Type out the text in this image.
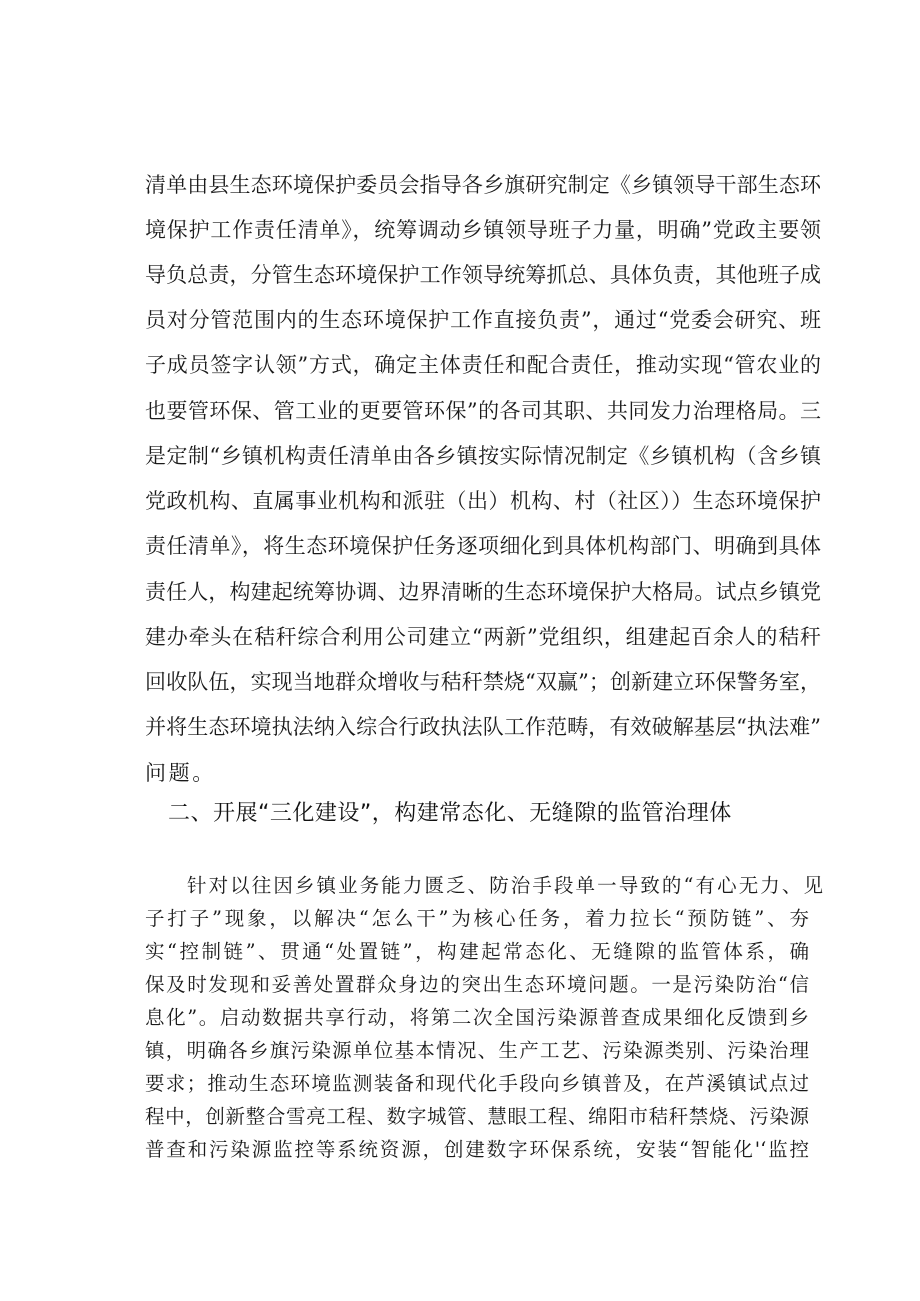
清单由县生态环境保护委员会指导各乡旗研究制定《乡镇领导干部生态环
境保护工作责任清单》，统筹调动乡镇领导班子力量，明确”党政主要领
导负总责，分管生态环境保护工作领导统筹抓总、具体负责，其他班子成
员对分管范围内的生态环境保护工作直接负责”，通过“党委会研究、班
子成员签字认领”方式，确定主体责任和配合责任，推动实现“管农业的
也要管环保、管工业的更要管环保”的各司其职、共同发力治理格局。三
是定制“乡镇机构责任清单由各乡镇按实际情况制定《乡镇机构（含乡镇
党政机构、直属事业机构和派驻（出）机构、村（社区））生态环境保护
责任清单》，将生态环境保护任务逐项细化到具体机构部门、明确到具体
责任人，构建起统筹协调、边界清晰的生态环境保护大格局。试点乡镇党
建办牵头在秸秆综合利用公司建立“两新”党组织，组建起百余人的秸秆
回收队伍，实现当地群众增收与秸秆禁烧“双赢”；创新建立环保警务室，
并将生态环境执法纳入综合行政执法队工作范畴，有效破解基层“执法难”
问题。
二、开展“三化建设”，构建常态化、无缝隙的监管治理体
针对以往因乡镇业务能力匮乏、防治手段单一导致的“有心无力、见
子打子”现象，以解决“怎么干”为核心任务，着力拉长“预防链”、夯
实“控制链”、贯通“处置链”，构建起常态化、无缝隙的监管体系，确
保及时发现和妥善处置群众身边的突出生态环境问题。一是污染防治“信
息化”。启动数据共享行动，将第二次全国污染源普查成果细化反馈到乡
镇，明确各乡旗污染源单位基本情况、生产工艺、污染源类别、污染治理
要求；推动生态环境监测装备和现代化手段向乡镇普及，在芦溪镇试点过
程中，创新整合雪亮工程、数字城管、慧眼工程、绵阳市秸秆禁烧、污染源
普查和污染源监控等系统资源，创建数字环保系统，安装“智能化'‘监控
